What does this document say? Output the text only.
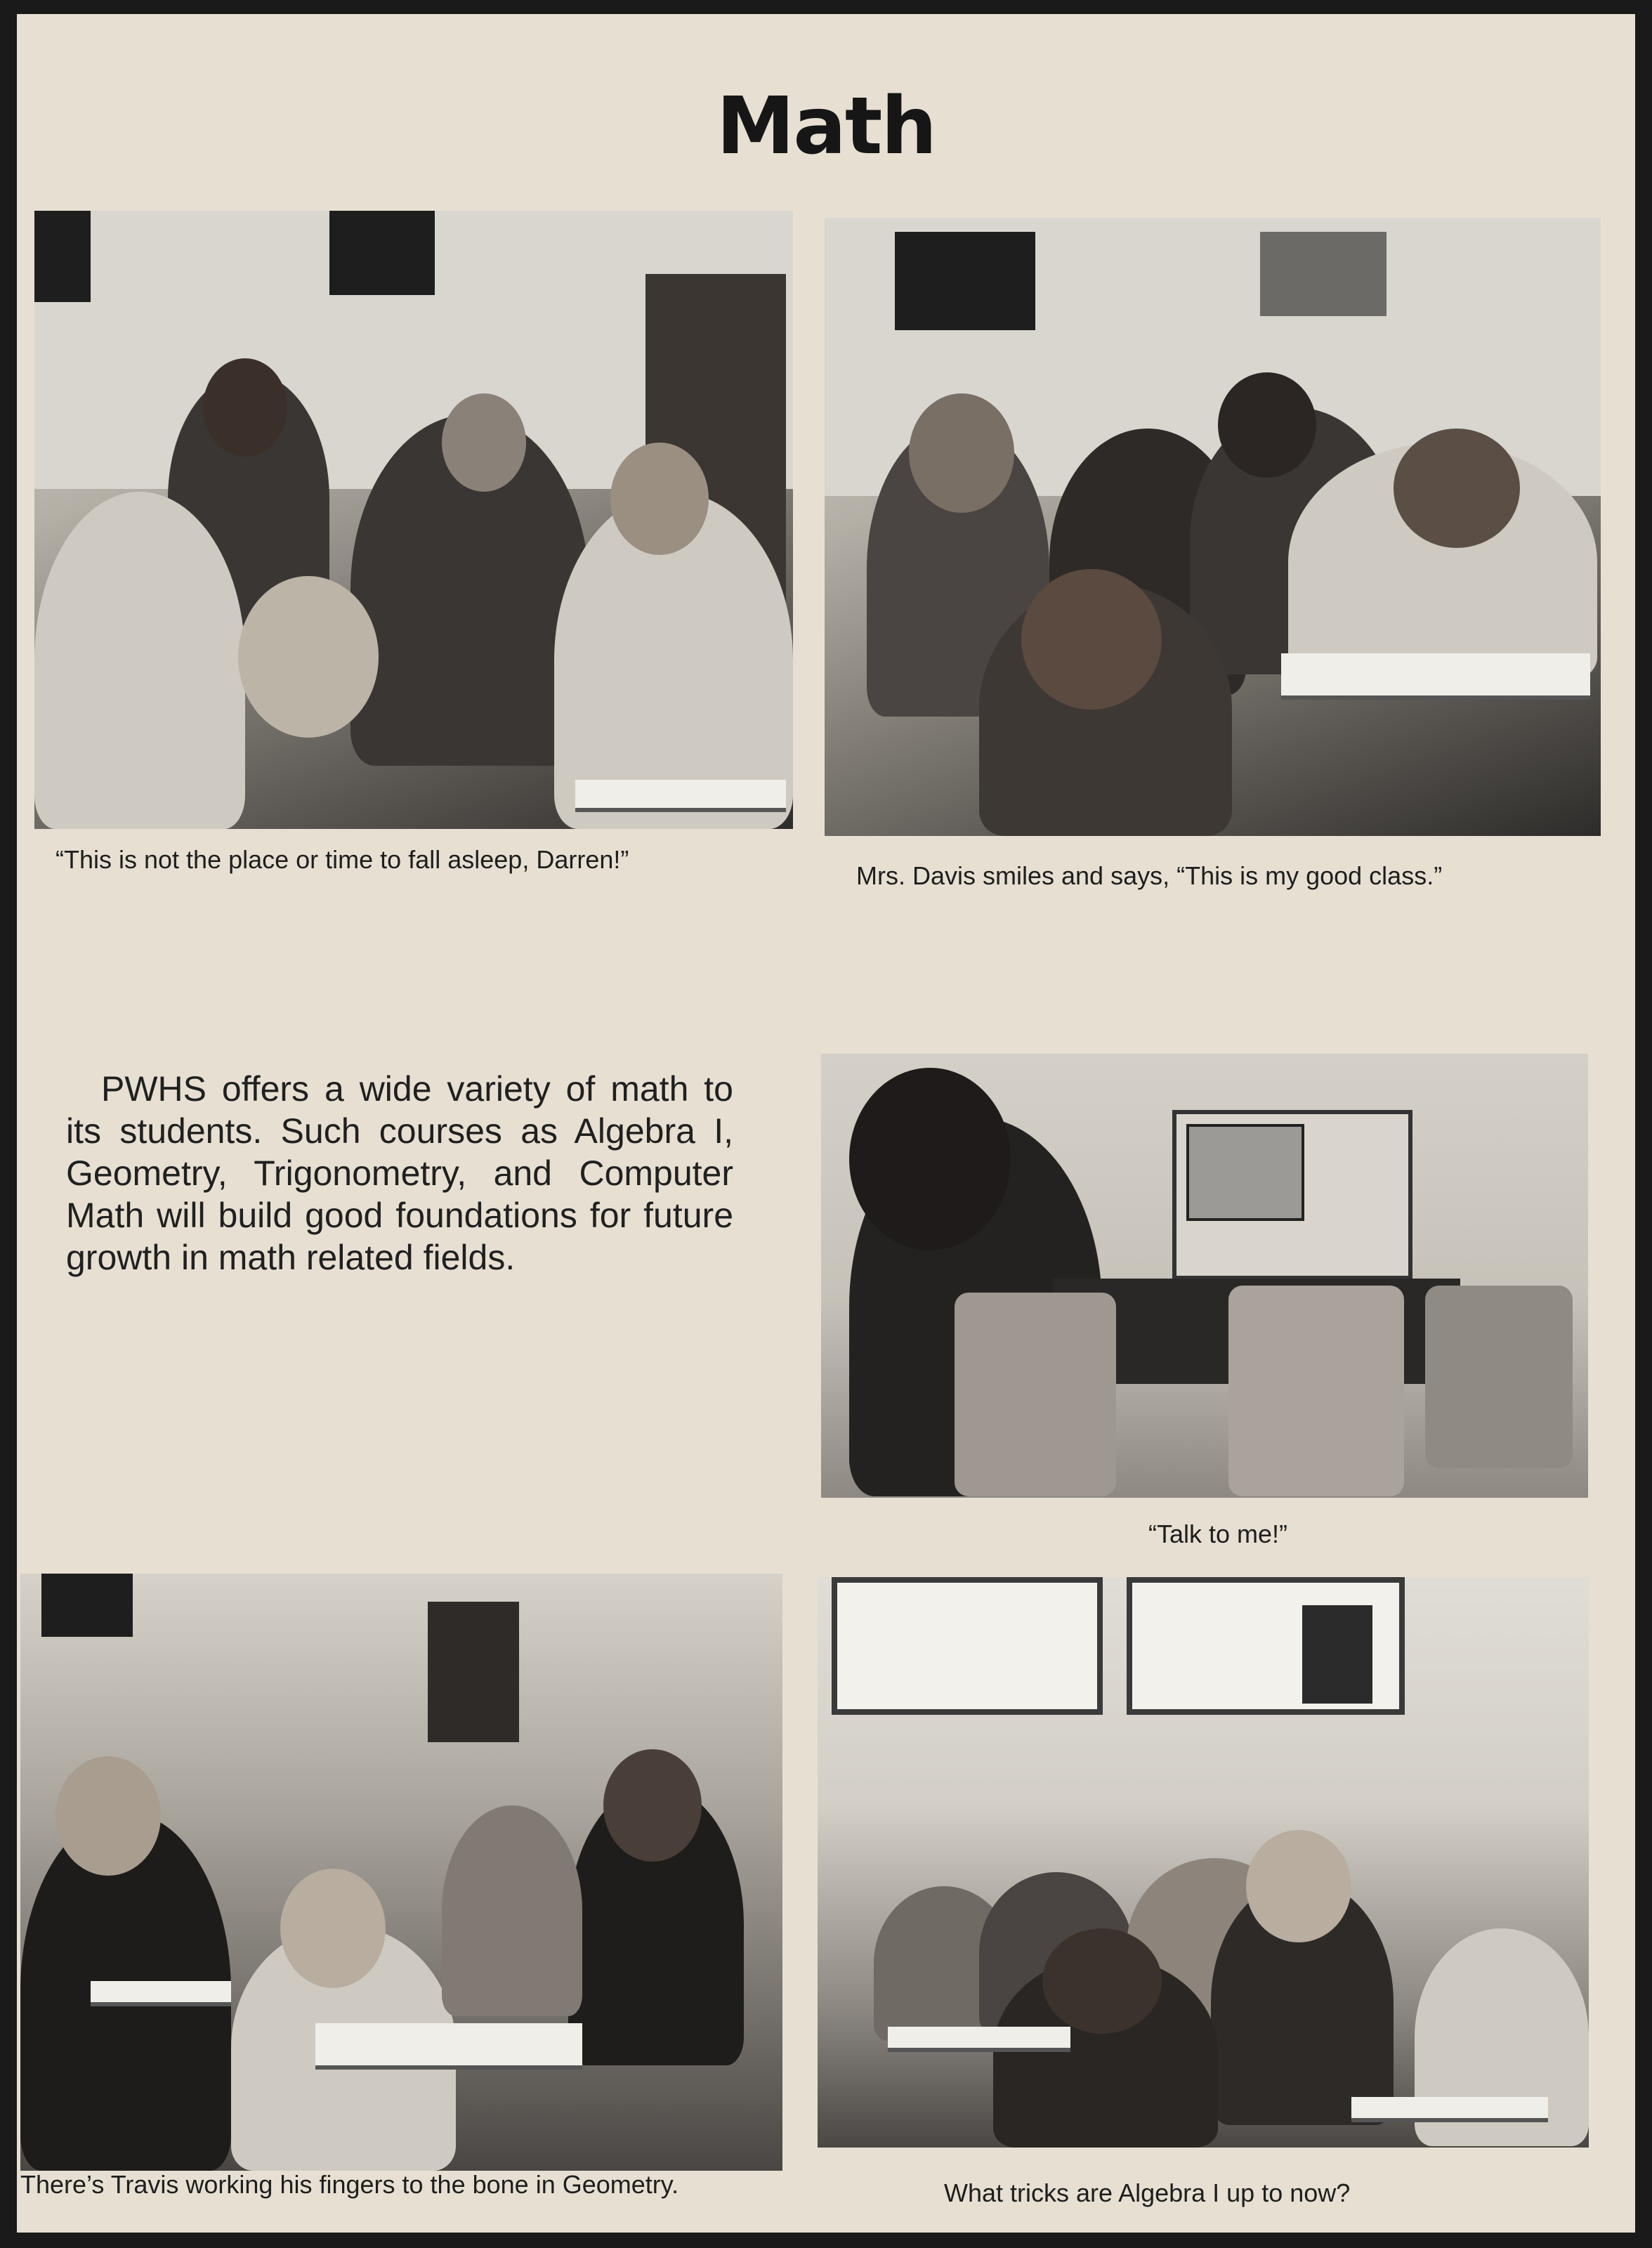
Math
“This is not the place or time to fall asleep, Darren!”
Mrs. Davis smiles and says, “This is my good class.”
PWHS offers a wide variety of math to its students. Such courses as Algebra I, Geometry, Trigonometry, and Computer Math will build good foundations for future growth in math related fields.
“Talk to me!”
There’s Travis working his fingers to the bone in Geometry.	What tricks are Algebra I up to now?
